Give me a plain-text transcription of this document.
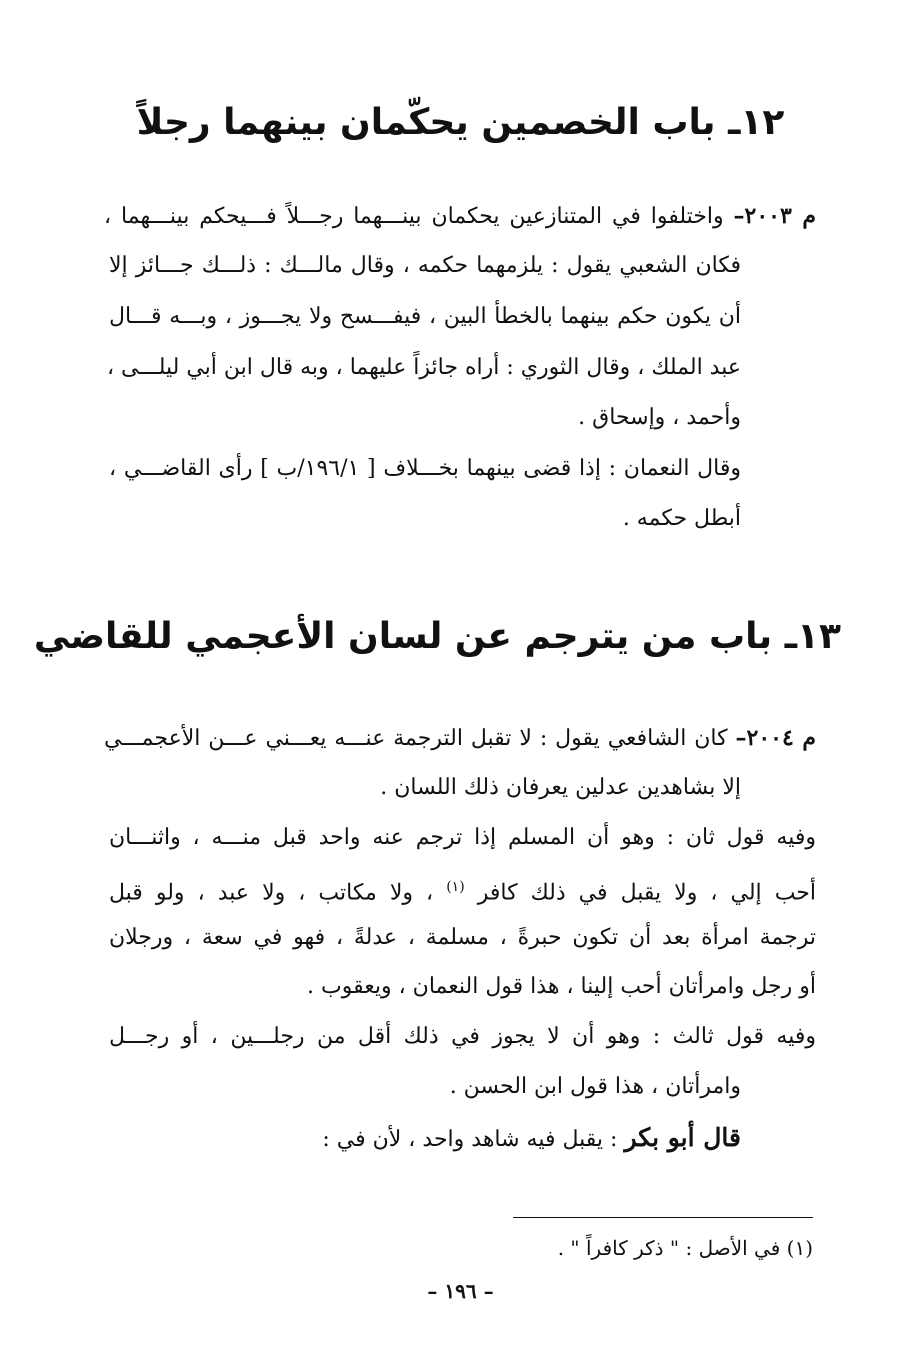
١٢ـ باب الخصمين يحكّمان بينهما رجلاً
م ٢٠٠٣– واختلفوا في المتنازعين يحكمان بينـــهما رجـــلاً فـــيحكم بينـــهما ،
فكان الشعبي يقول : يلزمهما حكمه ، وقال مالـــك : ذلـــك جـــائز إلا
أن يكون حكم بينهما بالخطأ البين ، فيفـــسح ولا يجـــوز ، وبـــه قـــال
عبد الملك ، وقال الثوري : أراه جائزاً عليهما ، وبه قال ابن أبي ليلـــى ،
وأحمد ، وإسحاق .
وقال النعمان : إذا قضى بينهما بخـــلاف [ ١٩٦/١/ب ] رأى القاضـــي ،
أبطل حكمه .
١٣ـ باب من يترجم عن لسان الأعجمي للقاضي
م ٢٠٠٤– كان الشافعي يقول : لا تقبل الترجمة عنـــه يعـــني عـــن الأعجمـــي
إلا بشاهدين عدلين يعرفان ذلك اللسان .
وفيه قول ثان : وهو أن المسلم إذا ترجم عنه واحد قبل منـــه ، واثنـــان
أحب إلي ، ولا يقبل في ذلك كافر $^{(١)}$ ، ولا مكاتب ، ولا عبد ، ولو قبل
ترجمة امرأة بعد أن تكون حبرةً ، مسلمة ، عدلةً ، فهو في سعة ، ورجلان
أو رجل وامرأتان أحب إلينا ، هذا قول النعمان ، ويعقوب .
وفيه قول ثالث : وهو أن لا يجوز في ذلك أقل من رجلـــين ، أو رجـــل
وامرأتان ، هذا قول ابن الحسن .
قال أبو بكر : يقبل فيه شاهد واحد ، لأن في :
(١) في الأصل : " ذكر كافراً " .
– ١٩٦ –
